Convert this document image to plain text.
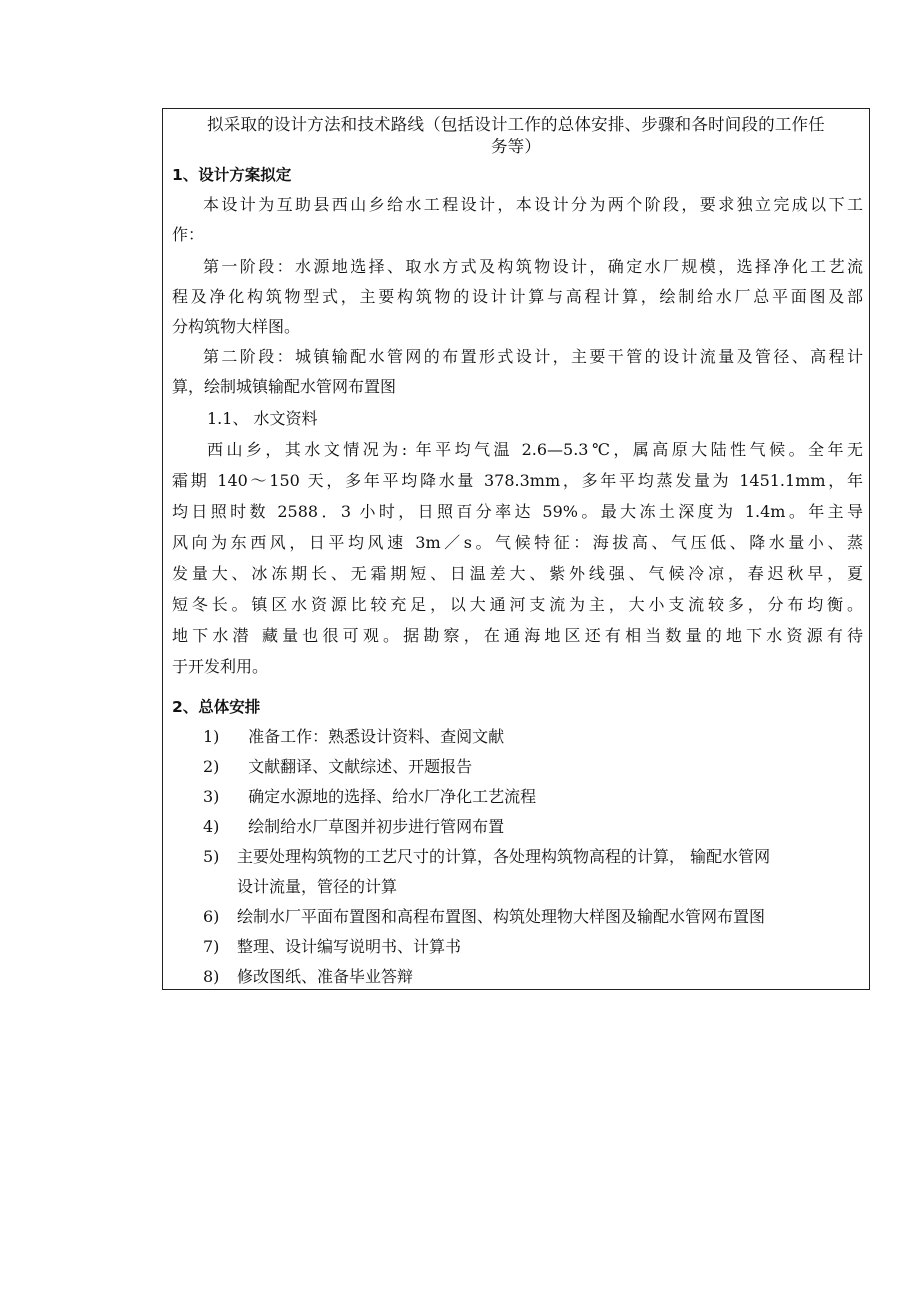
拟采取的设计方法和技术路线（包括设计工作的总体安排、步骤和各时间段的工作任
务等）
1、设计方案拟定
本设计为互助县西山乡给水工程设计，本设计分为两个阶段，要求独立完成以下工
作：
第一阶段：水源地选择、取水方式及构筑物设计，确定水厂规模，选择净化工艺流
程及净化构筑物型式，主要构筑物的设计计算与高程计算，绘制给水厂总平面图及部
分构筑物大样图。
第二阶段：城镇输配水管网的布置形式设计，主要干管的设计流量及管径、高程计
算，绘制城镇输配水管网布置图
1.1、 水文资料
西山乡，其水文情况为: 年平均气温 2.6—5.3℃，属高原大陆性气候。全年无
霜期 140～150 天，多年平均降水量 378.3mm，多年平均蒸发量为 1451.1mm，年
均日照时数 2588．3 小时，日照百分率达 59%。最大冻土深度为 1.4m。年主导
风向为东西风，日平均风速 3m／s。气候特征：海拔高、气压低、降水量小、蒸
发量大、冰冻期长、无霜期短、日温差大、紫外线强、气候冷凉，春迟秋早，夏
短冬长。镇区水资源比较充足，以大通河支流为主，大小支流较多，分布均衡。
地下水潜 藏量也很可观。据勘察，在通海地区还有相当数量的地下水资源有待
于开发利用。
2、总体安排
1) 准备工作：熟悉设计资料、查阅文献
2) 文献翻译、文献综述、开题报告
3) 确定水源地的选择、给水厂净化工艺流程
4) 绘制给水厂草图并初步进行管网布置
5) 主要处理构筑物的工艺尺寸的计算，各处理构筑物高程的计算， 输配水管网
设计流量，管径的计算
6) 绘制水厂平面布置图和高程布置图、构筑处理物大样图及输配水管网布置图
7) 整理、设计编写说明书、计算书
8) 修改图纸、准备毕业答辩
